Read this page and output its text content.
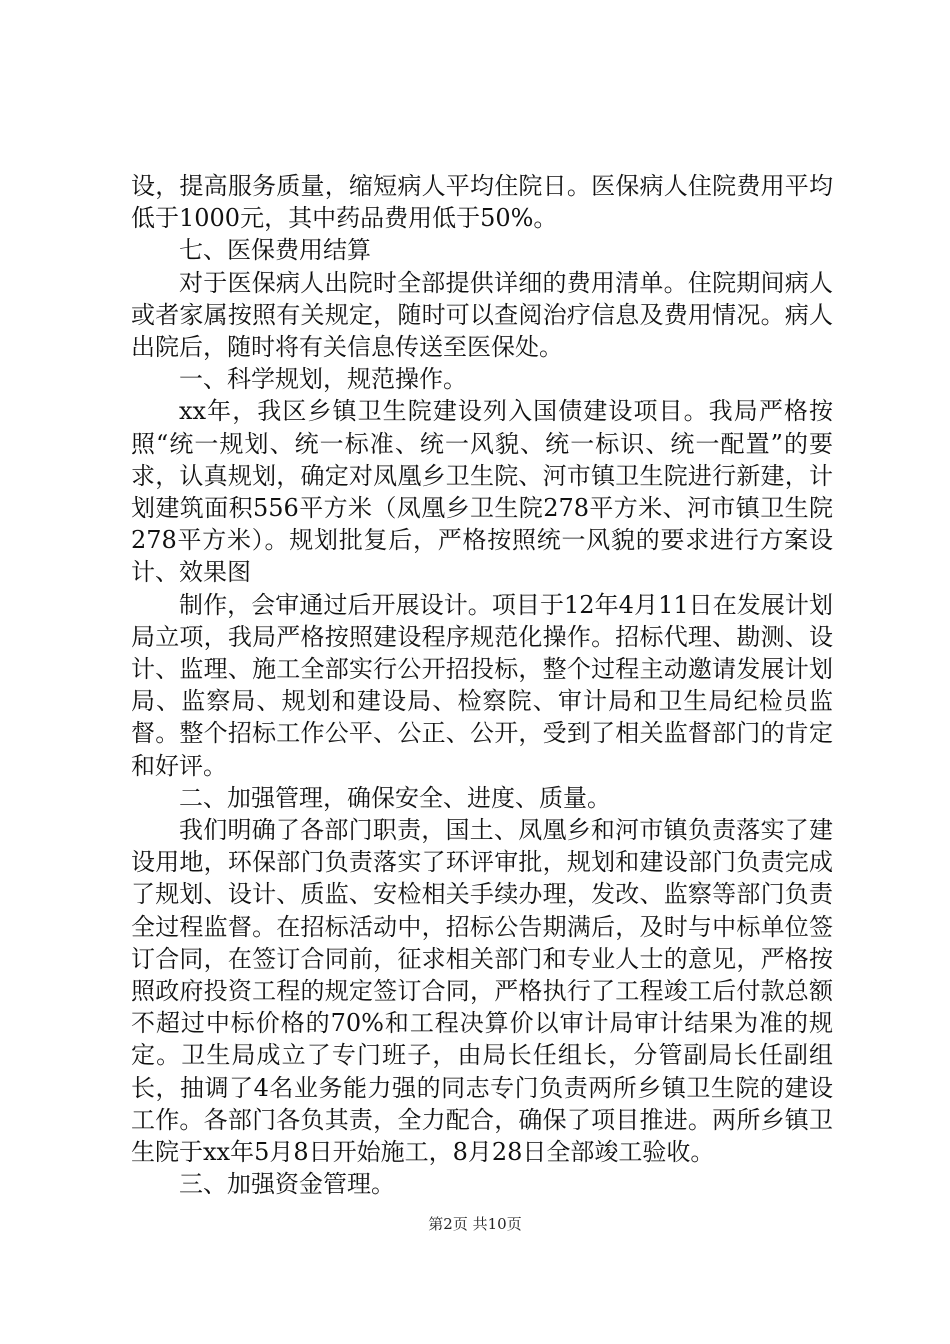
设，提高服务质量，缩短病人平均住院日。医保病人住院费用平均低于1000元，其中药品费用低于50%。

七、医保费用结算

对于医保病人出院时全部提供详细的费用清单。住院期间病人或者家属按照有关规定，随时可以查阅治疗信息及费用情况。病人出院后，随时将有关信息传送至医保处。

一、科学规划，规范操作。

xx年，我区乡镇卫生院建设列入国债建设项目。我局严格按照“统一规划、统一标准、统一风貌、统一标识、统一配置”的要求，认真规划，确定对凤凰乡卫生院、河市镇卫生院进行新建，计划建筑面积556平方米（凤凰乡卫生院278平方米、河市镇卫生院278平方米）。规划批复后，严格按照统一风貌的要求进行方案设计、效果图

制作，会审通过后开展设计。项目于12年4月11日在发展计划局立项，我局严格按照建设程序规范化操作。招标代理、勘测、设计、监理、施工全部实行公开招投标，整个过程主动邀请发展计划局、监察局、规划和建设局、检察院、审计局和卫生局纪检员监督。整个招标工作公平、公正、公开，受到了相关监督部门的肯定和好评。

二、加强管理，确保安全、进度、质量。

我们明确了各部门职责，国土、凤凰乡和河市镇负责落实了建设用地，环保部门负责落实了环评审批，规划和建设部门负责完成了规划、设计、质监、安检相关手续办理，发改、监察等部门负责全过程监督。在招标活动中，招标公告期满后，及时与中标单位签订合同，在签订合同前，征求相关部门和专业人士的意见，严格按照政府投资工程的规定签订合同，严格执行了工程竣工后付款总额不超过中标价格的70%和工程决算价以审计局审计结果为准的规定。卫生局成立了专门班子，由局长任组长，分管副局长任副组长，抽调了4名业务能力强的同志专门负责两所乡镇卫生院的建设工作。各部门各负其责，全力配合，确保了项目推进。两所乡镇卫生院于xx年5月8日开始施工，8月28日全部竣工验收。

三、加强资金管理。

第2页 共10页
